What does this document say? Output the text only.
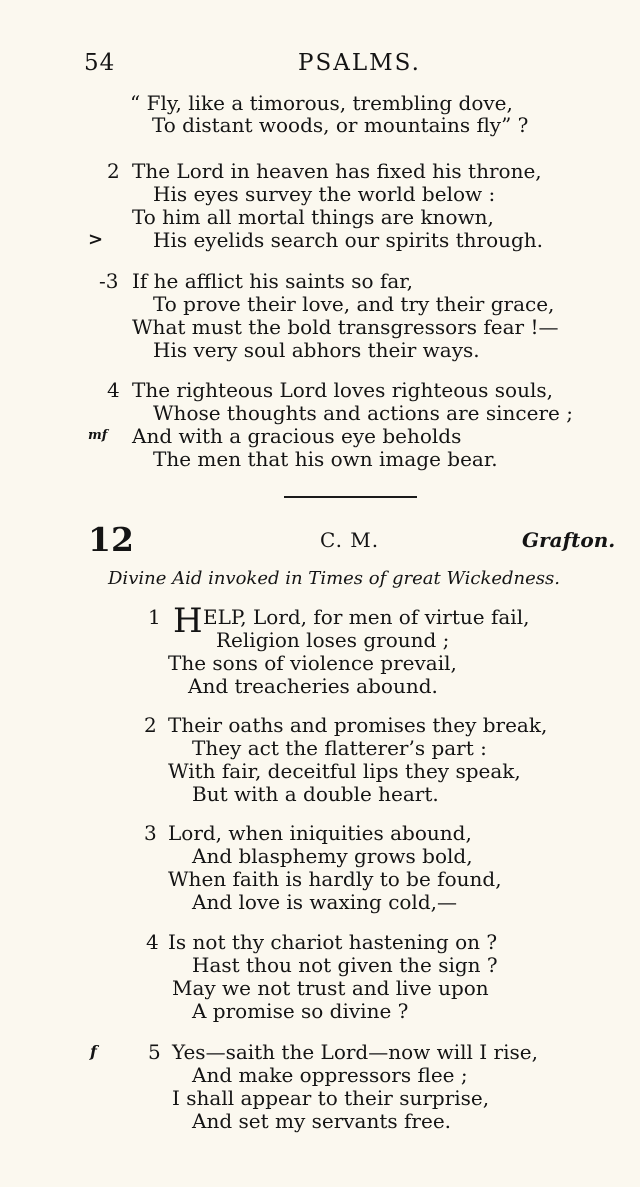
54	PSALMS.
“ Fly, like a timorous, trembling dove,
To distant woods, or mountains fly” ?
2 The Lord in heaven has fixed his throne,
His eyes survey the world below :
To him all mortal things are known,
> His eyelids search our spirits through.
-3 If he afflict his saints so far,
To prove their love, and try their grace,
What must the bold transgressors fear !—
His very soul abhors their ways.
4 The righteous Lord loves righteous souls,
Whose thoughts and actions are sincere ;
mf And with a gracious eye beholds
The men that his own image bear.
12	C. M.	Grafton.
Divine Aid invoked in Times of great Wickedness.
1 H ELP, Lord, for men of virtue fail,
Religion loses ground ;
The sons of violence prevail,
And treacheries abound.
2 Their oaths and promises they break,
They act the flatterer’s part :
With fair, deceitful lips they speak,
But with a double heart.
3 Lord, when iniquities abound,
And blasphemy grows bold,
When faith is hardly to be found,
And love is waxing cold,—
4 Is not thy chariot hastening on ?
Hast thou not given the sign ?
May we not trust and live upon
A promise so divine ?
f	5 Yes—saith the Lord—now will I rise,
And make oppressors flee ;
I shall appear to their surprise,
And set my servants free.
